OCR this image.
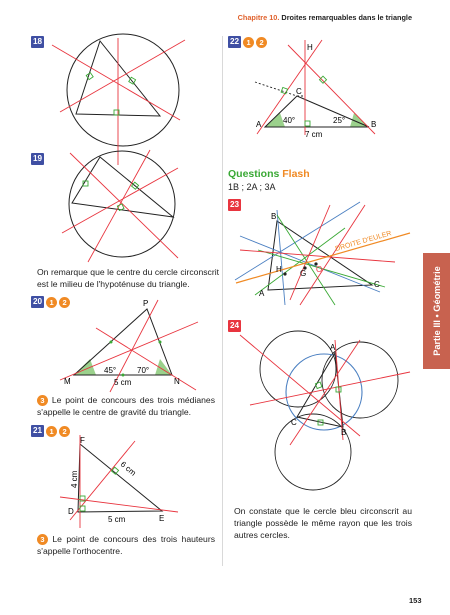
Chapitre 10. Droites remarquables dans le triangle
Partie III • Géométrie
18
19
On remarque que le centre du cercle circonscrit est le milieu de l'hypoténuse du triangle.
20 1	2	P
M	N
45°	70°
5 cm
3 Le point de concours des trois médianes s'appelle le centre de gravité du triangle.
21 1	2
F
D
E
5 cm
4 cm
6 cm
3 Le point de concours des trois hauteurs s'appelle l'orthocentre.
22 1	2
H
C
A	B
40°	25°
7 cm
Questions Flash
1B ; 2A ; 3A
23
B
A
C
H G O
DROITE D'EULER
24
A
B
C
On constate que le cercle bleu circonscrit au triangle possède le même rayon que les trois autres cercles.
153
